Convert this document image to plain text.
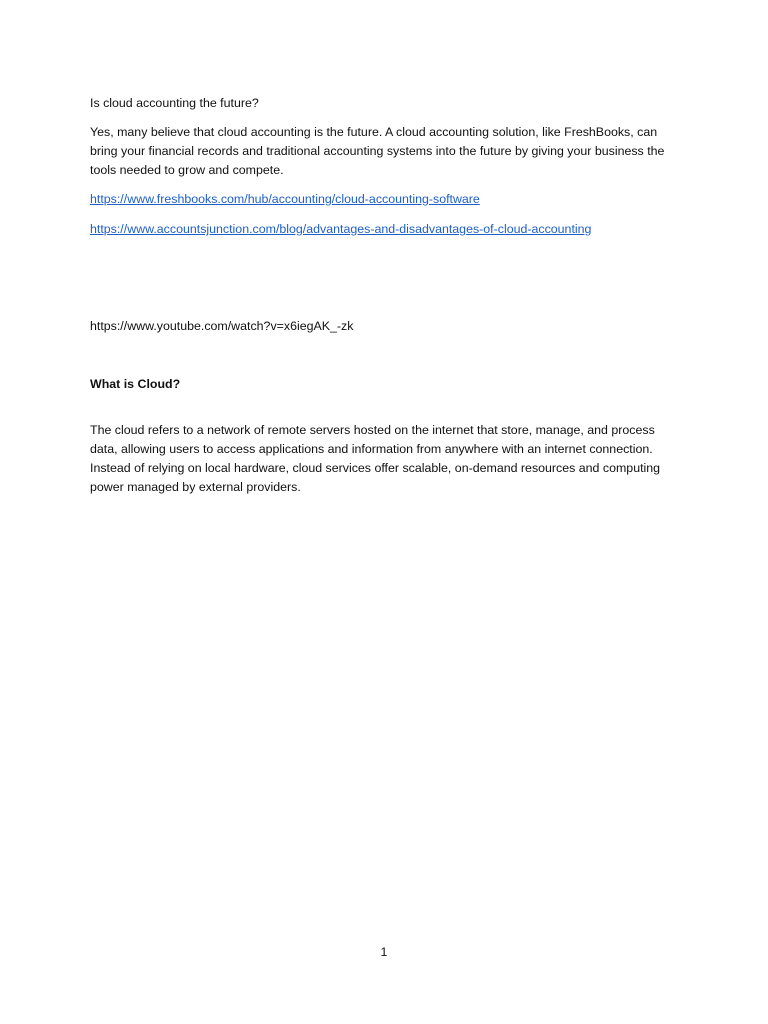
Is cloud accounting the future?

Yes, many believe that cloud accounting is the future. A cloud accounting solution, like FreshBooks, can bring your financial records and traditional accounting systems into the future by giving your business the tools needed to grow and compete.

https://www.freshbooks.com/hub/accounting/cloud-accounting-software
https://www.accountsjunction.com/blog/advantages-and-disadvantages-of-cloud-accounting

https://www.youtube.com/watch?v=x6iegAK_-zk

What is Cloud?

The cloud refers to a network of remote servers hosted on the internet that store, manage, and process data, allowing users to access applications and information from anywhere with an internet connection. Instead of relying on local hardware, cloud services offer scalable, on-demand resources and computing power managed by external providers.

1
